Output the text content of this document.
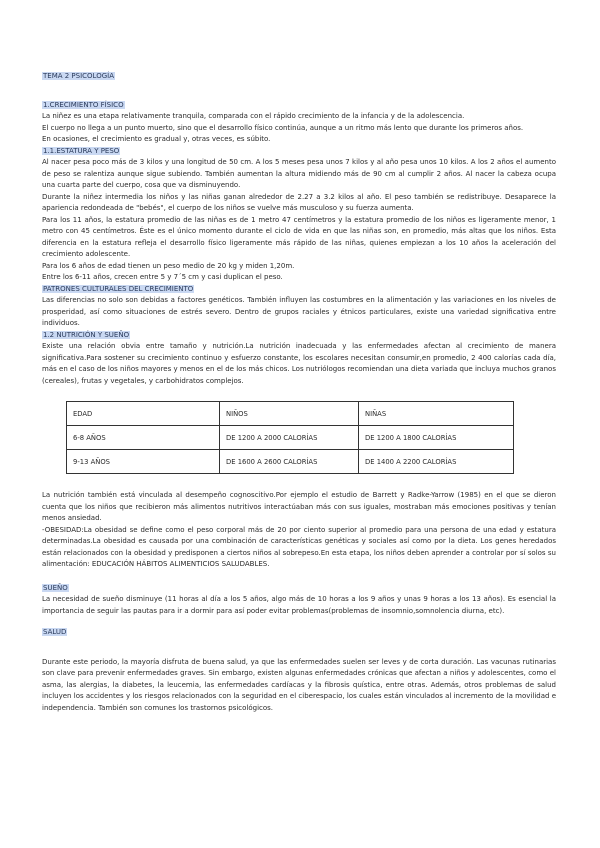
TEMA 2 PSICOLOGÍA

1.CRECIMIENTO FÍSICO

La niñez es una etapa relativamente tranquila, comparada con el rápido crecimiento de la infancia y de la adolescencia.

El cuerpo no llega a un punto muerto, sino que el desarrollo físico continúa, aunque a un ritmo más lento que durante los primeros años.

En ocasiones, el crecimiento es gradual y, otras veces, es súbito.

1.1.ESTATURA Y PESO

Al nacer pesa poco más de 3 kilos y una longitud de 50 cm. A los 5 meses pesa unos 7 kilos y al año pesa unos 10 kilos. A los 2 años el aumento de peso se ralentiza aunque sigue subiendo. También aumentan la altura midiendo más de 90 cm al cumplir 2 años. Al nacer la cabeza ocupa una cuarta parte del cuerpo, cosa que va disminuyendo.

Durante la niñez intermedia los niños y las niñas ganan alrededor de 2.27 a 3.2 kilos al año. El peso también se redistribuye. Desaparece la apariencia redondeada de "bebés", el cuerpo de los niños se vuelve más musculoso y su fuerza aumenta.

Para los 11 años, la estatura promedio de las niñas es de 1 metro 47 centímetros y la estatura promedio de los niños es ligeramente menor, 1 metro con 45 centímetros. Éste es el único momento durante el ciclo de vida en que las niñas son, en promedio, más altas que los niños. Esta diferencia en la estatura refleja el desarrollo físico ligeramente más rápido de las niñas, quienes empiezan a los 10 años la aceleración del crecimiento adolescente.

Para los 6 años de edad tienen un peso medio de 20 kg y miden 1,20m.

Entre los 6-11 años, crecen entre 5 y 7´5 cm y casi duplican el peso.

PATRONES CULTURALES DEL CRECIMIENTO

Las diferencias no solo son debidas a factores genéticos. También influyen las costumbres en la alimentación y las variaciones en los niveles de prosperidad, así como situaciones de estrés severo. Dentro de grupos raciales y étnicos particulares, existe una variedad significativa entre individuos.

1.2 NUTRICIÓN Y SUEÑO

Existe una relación obvia entre tamaño y nutrición.La nutrición inadecuada y las enfermedades afectan al crecimiento de manera significativa.Para sostener su crecimiento continuo y esfuerzo constante, los escolares necesitan consumir,en promedio, 2 400 calorías cada día, más en el caso de los niños mayores y menos en el de los más chicos. Los nutriólogos recomiendan una dieta variada que incluya muchos granos (cereales), frutas y vegetales, y carbohidratos complejos.

EDAD	NIÑOS	NIÑAS
6-8 AÑOS	DE 1200 A 2000 CALORÍAS	DE 1200 A 1800 CALORÍAS
9-13 AÑOS	DE 1600 A 2600 CALORÍAS	DE 1400 A 2200 CALORÍAS

La nutrición también está vinculada al desempeño cognoscitivo.Por ejemplo el estudio de Barrett y Radke-Yarrow (1985) en el que se dieron cuenta que los niños que recibieron más alimentos nutritivos interactúaban más con sus iguales, mostraban más emociones positivas y tenían menos ansiedad.

-OBESIDAD:La obesidad se define como el peso corporal más de 20 por ciento superior al promedio para una persona de una edad y estatura determinadas.La obesidad es causada por una combinación de características genéticas y sociales así como por la dieta. Los genes heredados están relacionados con la obesidad y predisponen a ciertos niños al sobrepeso.En esta etapa, los niños deben aprender a controlar por sí solos su alimentación: EDUCACIÓN HÁBITOS ALIMENTICIOS SALUDABLES.

SUEÑO

La necesidad de sueño disminuye (11 horas al día a los 5 años, algo más de 10 horas a los 9 años y unas 9 horas a los 13 años). Es esencial la importancia de seguir las pautas para ir a dormir para así poder evitar problemas(problemas de insomnio,somnolencia diurna, etc).

SALUD

Durante este periodo, la mayoría disfruta de buena salud, ya que las enfermedades suelen ser leves y de corta duración. Las vacunas rutinarias son clave para prevenir enfermedades graves. Sin embargo, existen algunas enfermedades crónicas que afectan a niños y adolescentes, como el asma, las alergias, la diabetes, la leucemia, las enfermedades cardíacas y la fibrosis quística, entre otras. Además, otros problemas de salud incluyen los accidentes y los riesgos relacionados con la seguridad en el ciberespacio, los cuales están vinculados al incremento de la movilidad e independencia. También son comunes los trastornos psicológicos.
